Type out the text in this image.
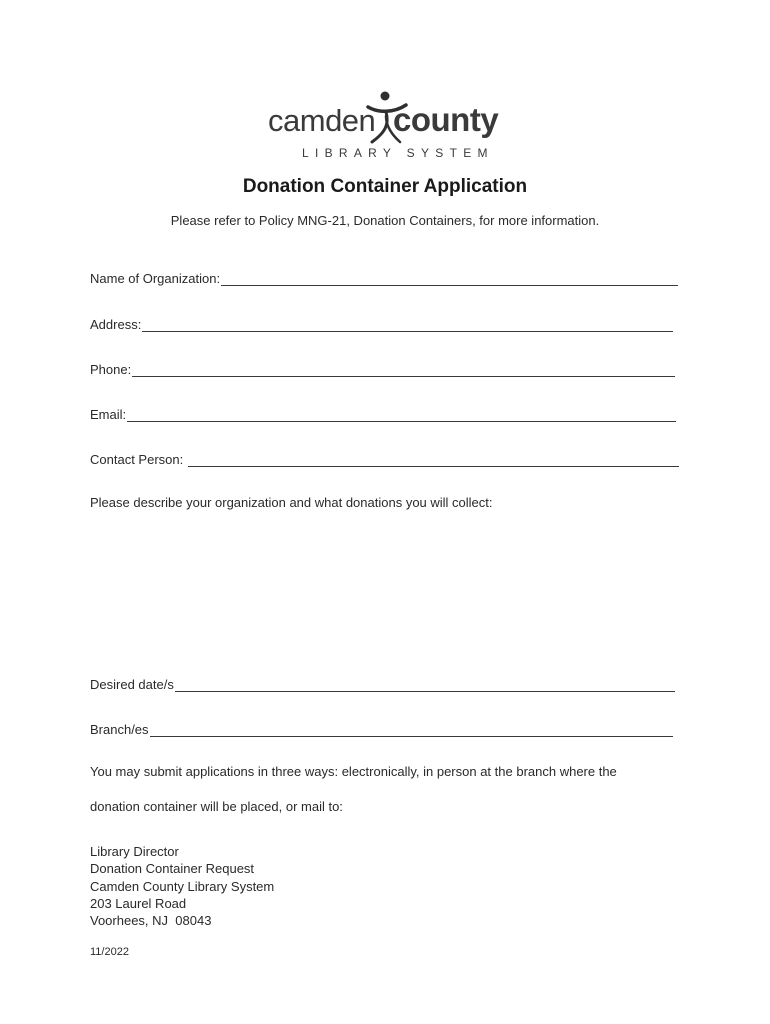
camden county
LIBRARY SYSTEM
Donation Container Application
Please refer to Policy MNG-21, Donation Containers, for more information.
Name of Organization:
Address:
Phone:
Email:
Contact Person:
Please describe your organization and what donations you will collect:
Desired date/s
Branch/es
You may submit applications in three ways: electronically, in person at the branch where the
donation container will be placed, or mail to:
Library Director
Donation Container Request
Camden County Library System
203 Laurel Road
Voorhees, NJ  08043
11/2022
